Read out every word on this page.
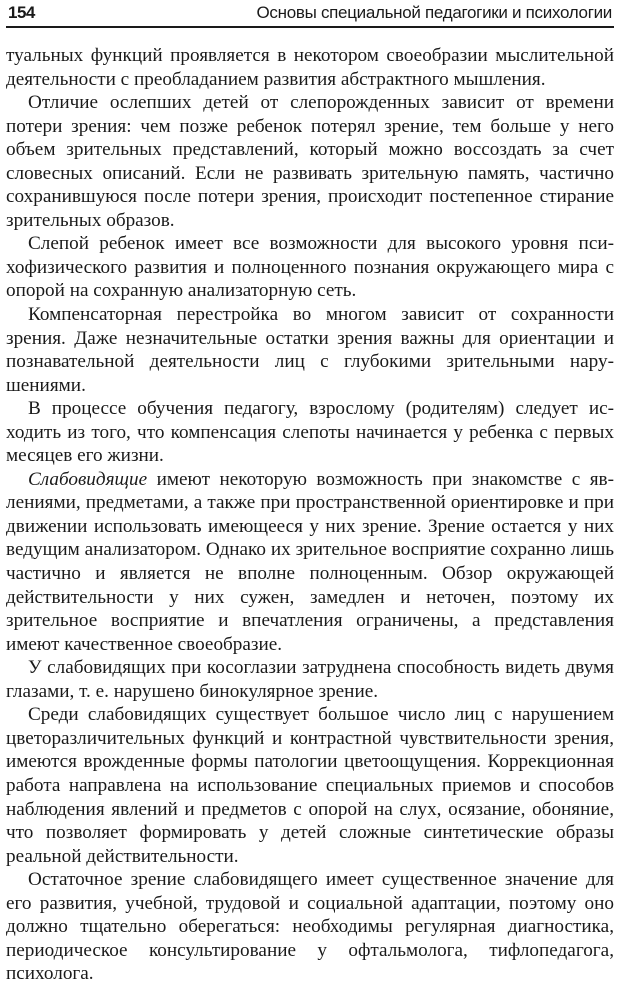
154	Основы специальной педагогики и психологии

туальных функций проявляется в некотором своеобразии мыслительной деятельности с преобладанием развития абстрактного мышления.

Отличие ослепших детей от слепорожденных зависит от времени потери зрения: чем позже ребенок потерял зрение, тем больше у него объем зрительных представлений, который можно воссоздать за счет словесных описаний. Если не развивать зрительную память, частично сохранившуюся после потери зрения, происходит постепенное стирание зрительных образов.

Слепой ребенок имеет все возможности для высокого уровня психофизического развития и полноценного познания окружающего мира с опорой на сохранную анализаторную сеть.

Компенсаторная перестройка во многом зависит от сохранности зрения. Даже незначительные остатки зрения важны для ориентации и познавательной деятельности лиц с глубокими зрительными нарушениями.

В процессе обучения педагогу, взрослому (родителям) следует исходить из того, что компенсация слепоты начинается у ребенка с первых месяцев его жизни.

Слабовидящие имеют некоторую возможность при знакомстве с явлениями, предметами, а также при пространственной ориентировке и при движении использовать имеющееся у них зрение. Зрение остается у них ведущим анализатором. Однако их зрительное восприятие сохранно лишь частично и является не вполне полноценным. Обзор окружающей действительности у них сужен, замедлен и неточен, поэтому их зрительное восприятие и впечатления ограничены, а представления имеют качественное своеобразие.

У слабовидящих при косоглазии затруднена способность видеть двумя глазами, т. е. нарушено бинокулярное зрение.

Среди слабовидящих существует большое число лиц с нарушением цветоразличительных функций и контрастной чувствительности зрения, имеются врожденные формы патологии цветоощущения. Коррекционная работа направлена на использование специальных приемов и способов наблюдения явлений и предметов с опорой на слух, осязание, обоняние, что позволяет формировать у детей сложные синтетические образы реальной действительности.

Остаточное зрение слабовидящего имеет существенное значение для его развития, учебной, трудовой и социальной адаптации, поэтому оно должно тщательно оберегаться: необходимы регулярная диагностика, периодическое консультирование у офтальмолога, тифлопедагога, психолога.
